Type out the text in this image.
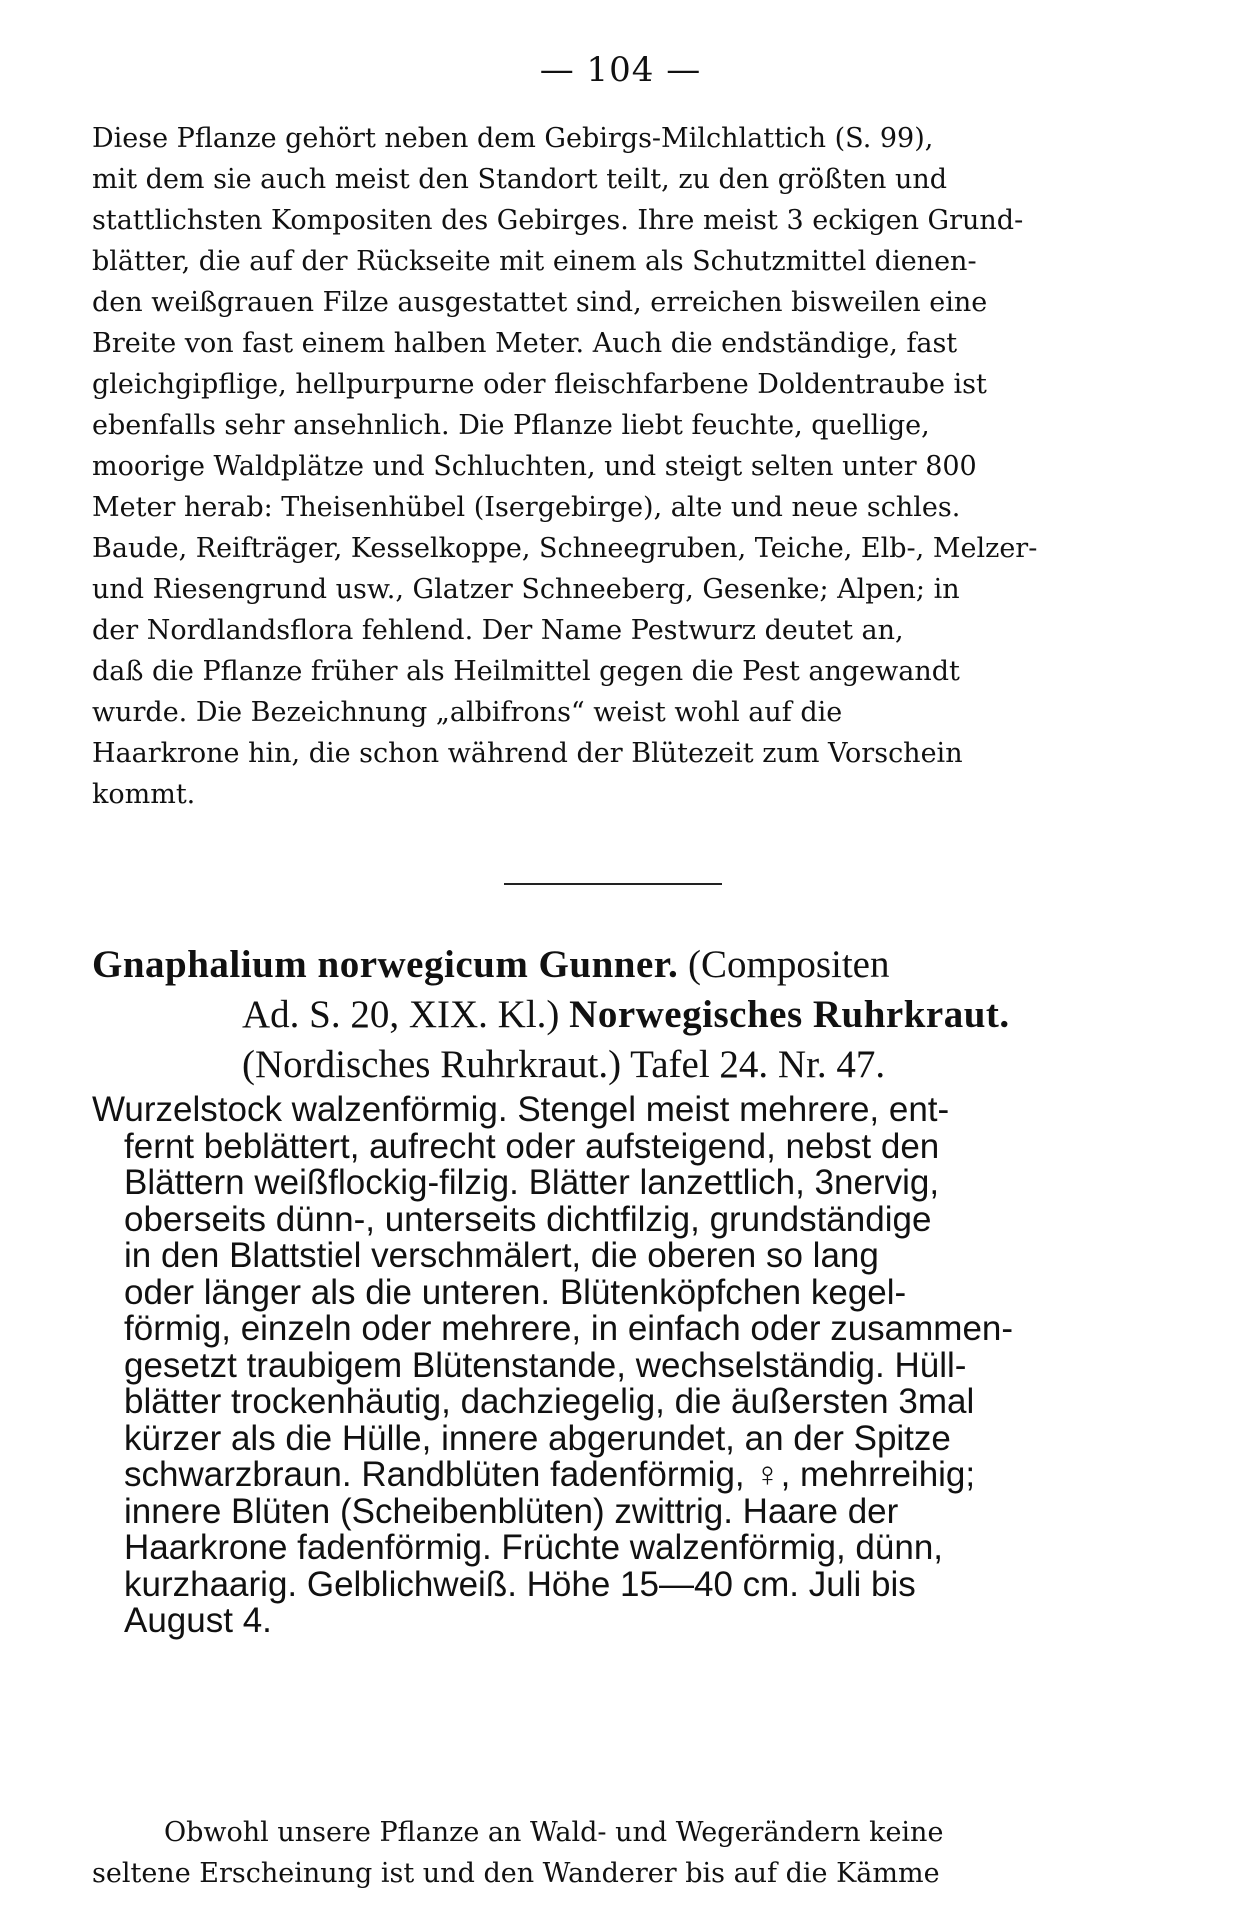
— 104 —
Diese Pflanze gehört neben dem Gebirgs-Milchlattich (S. 99),
mit dem sie auch meist den Standort teilt, zu den größten und
stattlichsten Kompositen des Gebirges. Ihre meist 3 eckigen Grund-
blätter, die auf der Rückseite mit einem als Schutzmittel dienen-
den weißgrauen Filze ausgestattet sind, erreichen bisweilen eine
Breite von fast einem halben Meter. Auch die endständige, fast
gleichgipflige, hellpurpurne oder fleischfarbene Doldentraube ist
ebenfalls sehr ansehnlich. Die Pflanze liebt feuchte, quellige,
moorige Waldplätze und Schluchten, und steigt selten unter 800
Meter herab: Theisenhübel (Isergebirge), alte und neue schles.
Baude, Reifträger, Kesselkoppe, Schneegruben, Teiche, Elb-, Melzer-
und Riesengrund usw., Glatzer Schneeberg, Gesenke; Alpen; in
der Nordlandsflora fehlend. Der Name Pestwurz deutet an,
daß die Pflanze früher als Heilmittel gegen die Pest angewandt
wurde. Die Bezeichnung „albifrons“ weist wohl auf die
Haarkrone hin, die schon während der Blütezeit zum Vorschein
kommt.
Gnaphalium norwegicum Gunner. (Compositen
Ad. S. 20, XIX. Kl.) Norwegisches Ruhrkraut.
(Nordisches Ruhrkraut.) Tafel 24. Nr. 47.
Wurzelstock walzenförmig. Stengel meist mehrere, ent-
fernt beblättert, aufrecht oder aufsteigend, nebst den
Blättern weißflockig-filzig. Blätter lanzettlich, 3nervig,
oberseits dünn-, unterseits dichtfilzig, grundständige
in den Blattstiel verschmälert, die oberen so lang
oder länger als die unteren. Blütenköpfchen kegel-
förmig, einzeln oder mehrere, in einfach oder zusammen-
gesetzt traubigem Blütenstande, wechselständig. Hüll-
blätter trockenhäutig, dachziegelig, die äußersten 3mal
kürzer als die Hülle, innere abgerundet, an der Spitze
schwarzbraun. Randblüten fadenförmig, ♀, mehrreihig;
innere Blüten (Scheibenblüten) zwittrig. Haare der
Haarkrone fadenförmig. Früchte walzenförmig, dünn,
kurzhaarig. Gelblichweiß. Höhe 15—40 cm. Juli bis
August 4.
Obwohl unsere Pflanze an Wald- und Wegerändern keine
seltene Erscheinung ist und den Wanderer bis auf die Kämme
